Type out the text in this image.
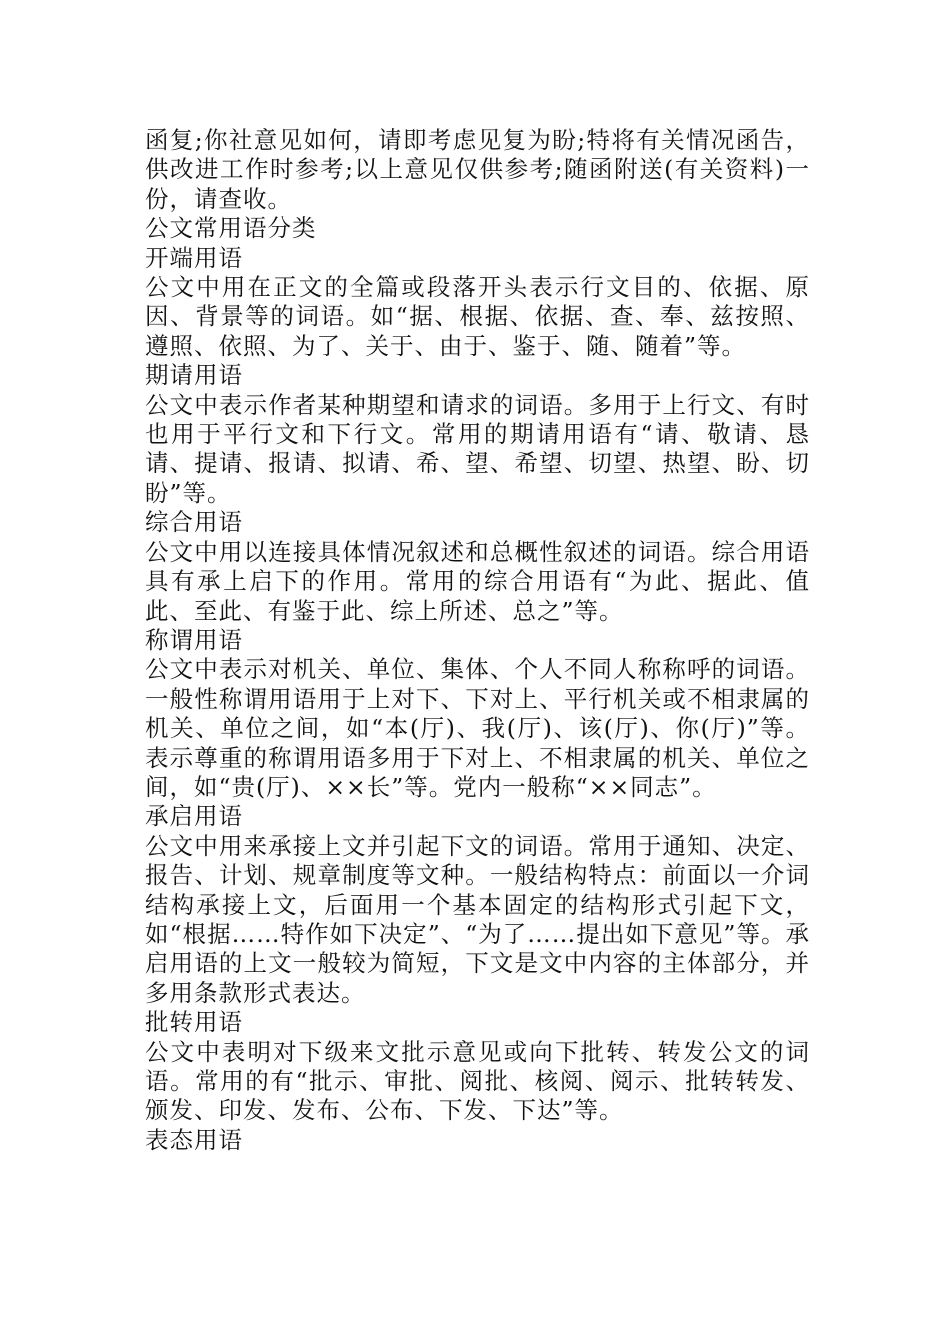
函复;你社意见如何，请即考虑见复为盼;特将有关情况函告，供改进工作时参考;以上意见仅供参考;随函附送(有关资料)一份，请查收。

公文常用语分类

开端用语

公文中用在正文的全篇或段落开头表示行文目的、依据、原因、背景等的词语。如“据、根据、依据、查、奉、兹按照、遵照、依照、为了、关于、由于、鉴于、随、随着”等。

期请用语

公文中表示作者某种期望和请求的词语。多用于上行文、有时也用于平行文和下行文。常用的期请用语有“请、敬请、恳请、提请、报请、拟请、希、望、希望、切望、热望、盼、切盼”等。

综合用语

公文中用以连接具体情况叙述和总概性叙述的词语。综合用语具有承上启下的作用。常用的综合用语有“为此、据此、值此、至此、有鉴于此、综上所述、总之”等。

称谓用语

公文中表示对机关、单位、集体、个人不同人称称呼的词语。一般性称谓用语用于上对下、下对上、平行机关或不相隶属的机关、单位之间，如“本(厅)、我(厅)、该(厅)、你(厅)”等。表示尊重的称谓用语多用于下对上、不相隶属的机关、单位之间，如“贵(厅)、××长”等。党内一般称“××同志”。

承启用语

公文中用来承接上文并引起下文的词语。常用于通知、决定、报告、计划、规章制度等文种。一般结构特点：前面以一介词结构承接上文，后面用一个基本固定的结构形式引起下文，如“根据……特作如下决定”、“为了……提出如下意见”等。承启用语的上文一般较为简短，下文是文中内容的主体部分，并多用条款形式表达。

批转用语

公文中表明对下级来文批示意见或向下批转、转发公文的词语。常用的有“批示、审批、阅批、核阅、阅示、批转转发、颁发、印发、发布、公布、下发、下达”等。

表态用语
